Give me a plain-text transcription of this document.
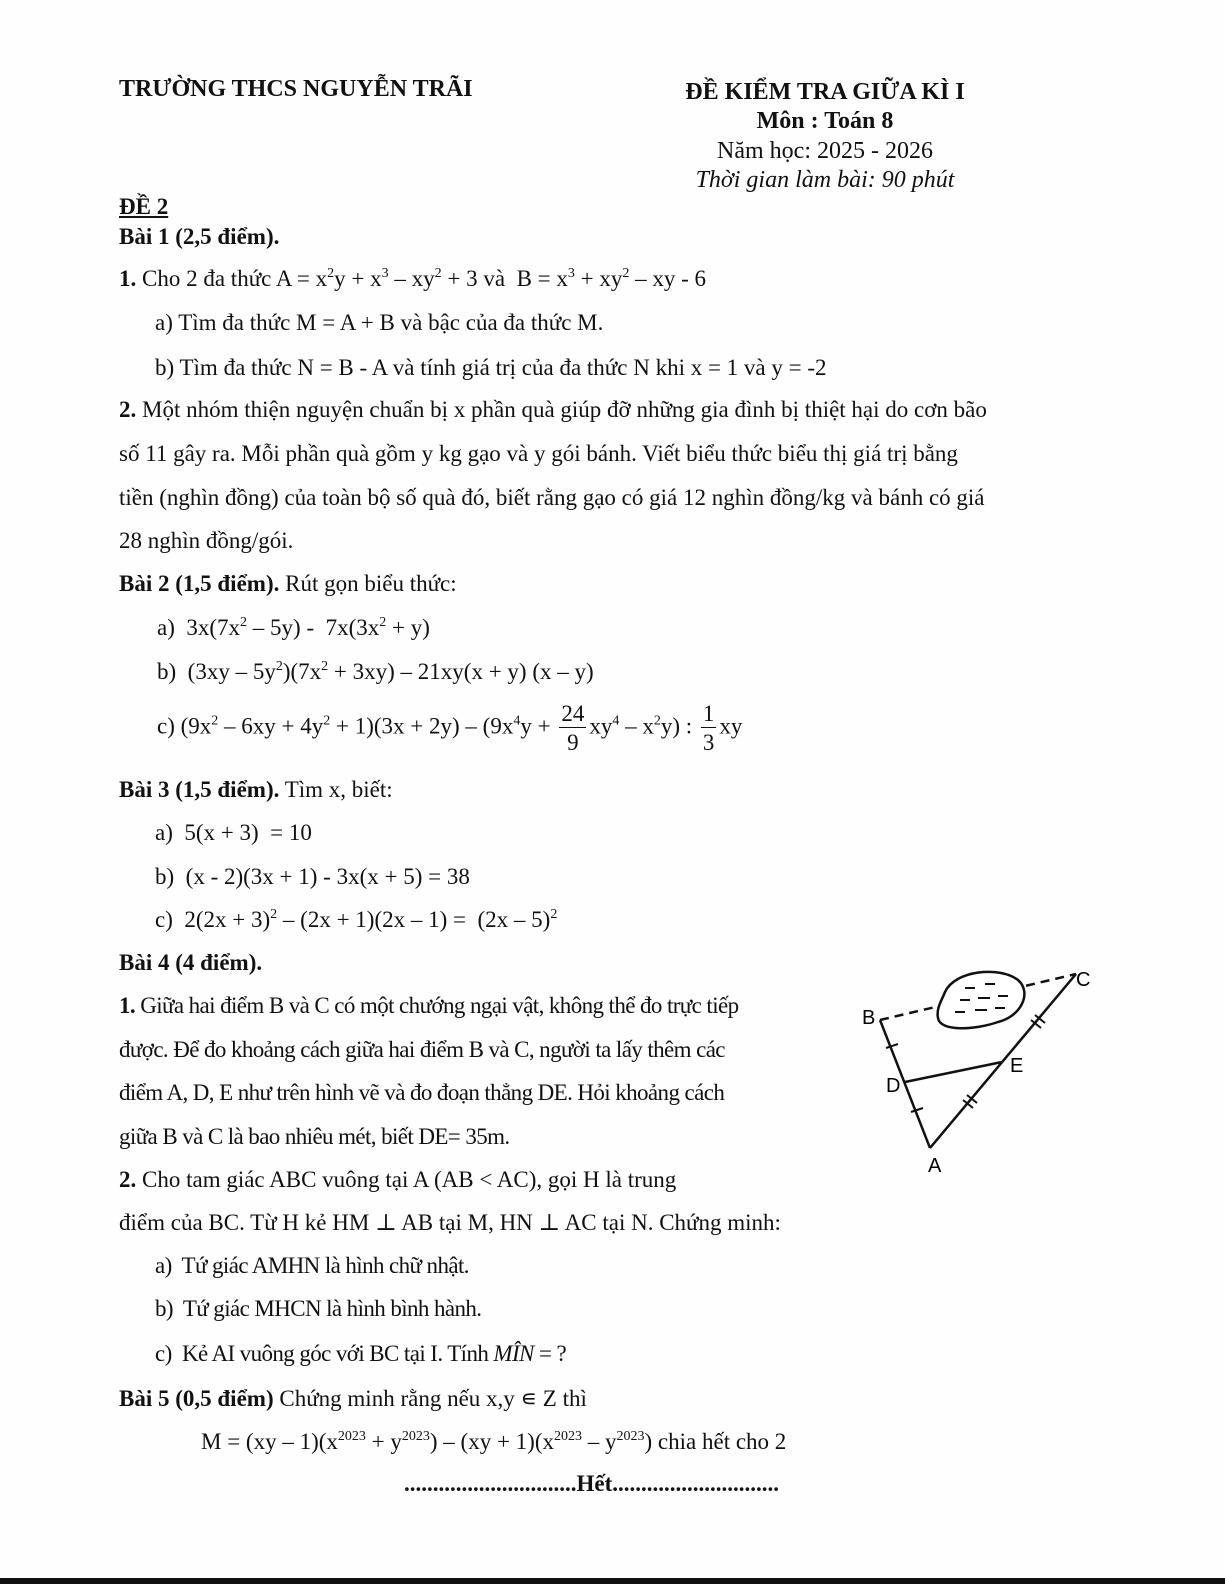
TRƯỜNG THCS NGUYỄN TRÃI	ĐỀ KIỂM TRA GIỮA KÌ I
Môn : Toán 8
Năm học: 2025 - 2026
Thời gian làm bài: 90 phút
ĐỀ 2
Bài 1 (2,5 điểm).
1. Cho 2 đa thức $A = x^2y + x^3 - xy^2 + 3$ và  $B = x^3 + xy^2$ – xy - 6
a) Tìm đa thức M = A + B và bậc của đa thức M.
b) Tìm đa thức N = B - A và tính giá trị của đa thức N khi x = 1 và y = -2
2. Một nhóm thiện nguyện chuẩn bị x phần quà giúp đỡ những gia đình bị thiệt hại do cơn bão
số 11 gây ra. Mỗi phần quà gồm y kg gạo và y gói bánh. Viết biểu thức biểu thị giá trị bằng
tiền (nghìn đồng) của toàn bộ số quà đó, biết rằng gạo có giá 12 nghìn đồng/kg và bánh có giá
28 nghìn đồng/gói.
Bài 2 (1,5 điểm). Rút gọn biểu thức:
a)  $3x(7x^2 - 5y) - 7x(3x^2 + y)$
b)  $(3xy - 5y^2)(7x^2 + 3xy) - 21xy(x + y)$ (x – y)
c) $(9x^2 - 6xy + 4y^2 + 1)(3x + 2y) - (9x^4y + \frac{24}{9} xy^4 - x^2y)$ : $\frac{1}{3}$ xy
Bài 3 (1,5 điểm). Tìm x, biết:
a)  5(x + 3)  = 10
b)  (x - 2)(3x + 1) - 3x(x + 5) = 38
c)  $2(2x + 3)^2 - (2x + 1)(2x - 1) = (2x - 5)^2$
Bài 4 (4 điểm).
1. Giữa hai điểm B và C có một chướng ngại vật, không thể đo trực tiếp
được. Để đo khoảng cách giữa hai điểm B và C, người ta lấy thêm các
điểm A, D, E như trên hình vẽ và đo đoạn thẳng DE. Hỏi khoảng cách
giữa B và C là bao nhiêu mét, biết DE= 35m.
B
C
D
E
A
2. Cho tam giác ABC vuông tại A (AB < AC), gọi H là trung
điểm của BC. Từ H kẻ HM ⊥ AB tại M, HN ⊥ AC tại N. Chứng minh:
a)  Tứ giác AMHN là hình chữ nhật.
b)  Tứ giác MHCN là hình bình hành.
c)  Kẻ AI vuông góc với BC tại I. Tính MÎN = ?
Bài 5 (0,5 điểm) Chứng minh rằng nếu x,y ∊ Z thì
$M = (xy - 1)(x^{2023} + y^{2023}) - (xy + 1)(x^{2023} - y^{2023})$ chia hết cho 2
..............................Hết.............................
